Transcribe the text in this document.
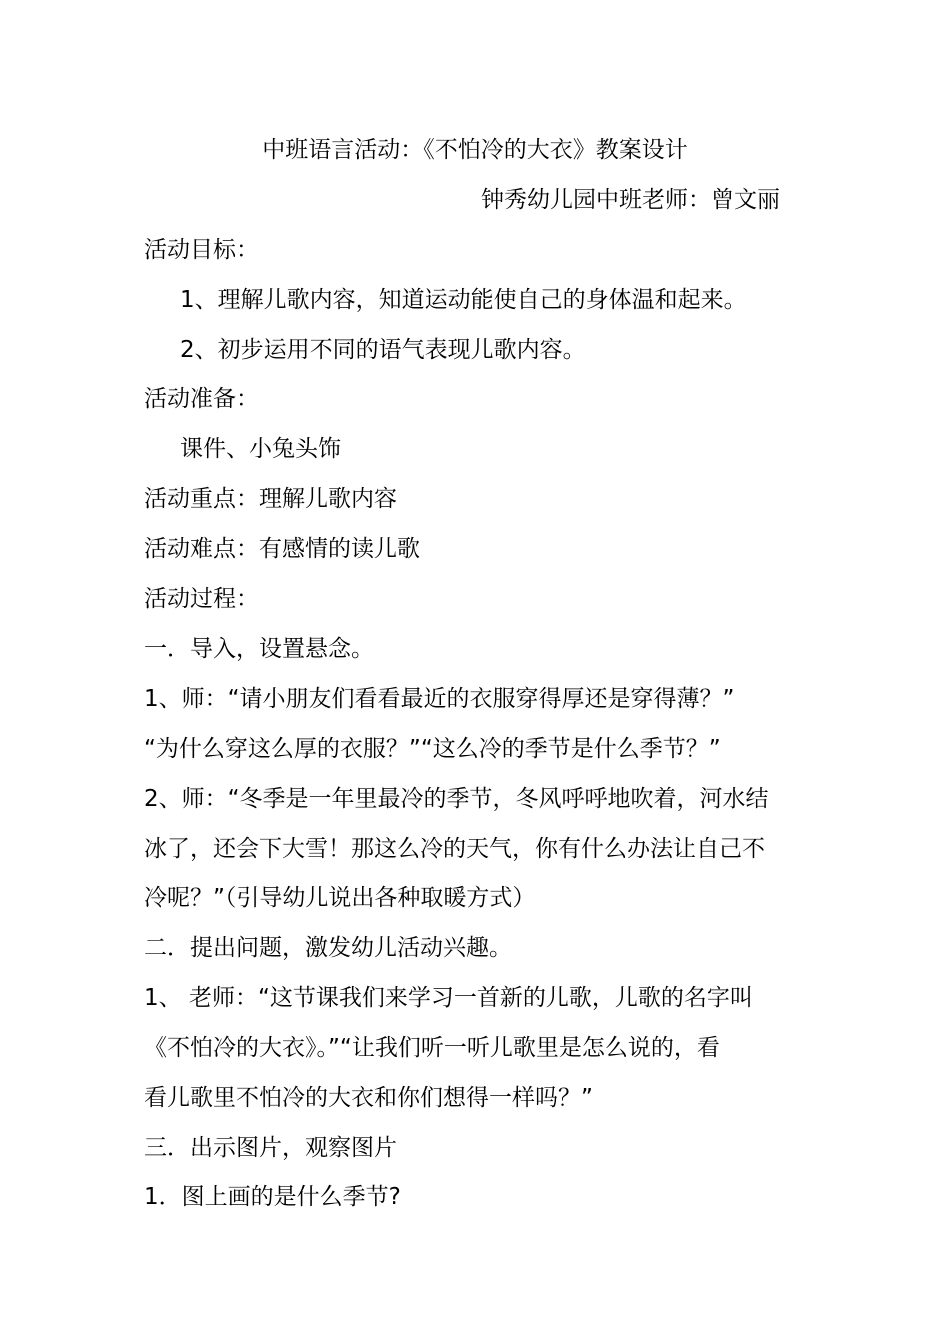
中班语言活动：《不怕冷的大衣》教案设计
钟秀幼儿园中班老师：曾文丽
活动目标：
1、理解儿歌内容，知道运动能使自己的身体温和起来。
2、初步运用不同的语气表现儿歌内容。
活动准备：
课件、小兔头饰
活动重点：理解儿歌内容
活动难点：有感情的读儿歌
活动过程：
一．导入，设置悬念。
1、师：“请小朋友们看看最近的衣服穿得厚还是穿得薄？”
“为什么穿这么厚的衣服？”“这么冷的季节是什么季节？”
2、师：“冬季是一年里最冷的季节，冬风呼呼地吹着，河水结
冰了，还会下大雪！那这么冷的天气，你有什么办法让自己不
冷呢？”（引导幼儿说出各种取暖方式）
二．提出问题，激发幼儿活动兴趣。
1、 老师：“这节课我们来学习一首新的儿歌，儿歌的名字叫
《不怕冷的大衣》。”“让我们听一听儿歌里是怎么说的，看
看儿歌里不怕冷的大衣和你们想得一样吗？”
三．出示图片，观察图片
1．图上画的是什么季节?
